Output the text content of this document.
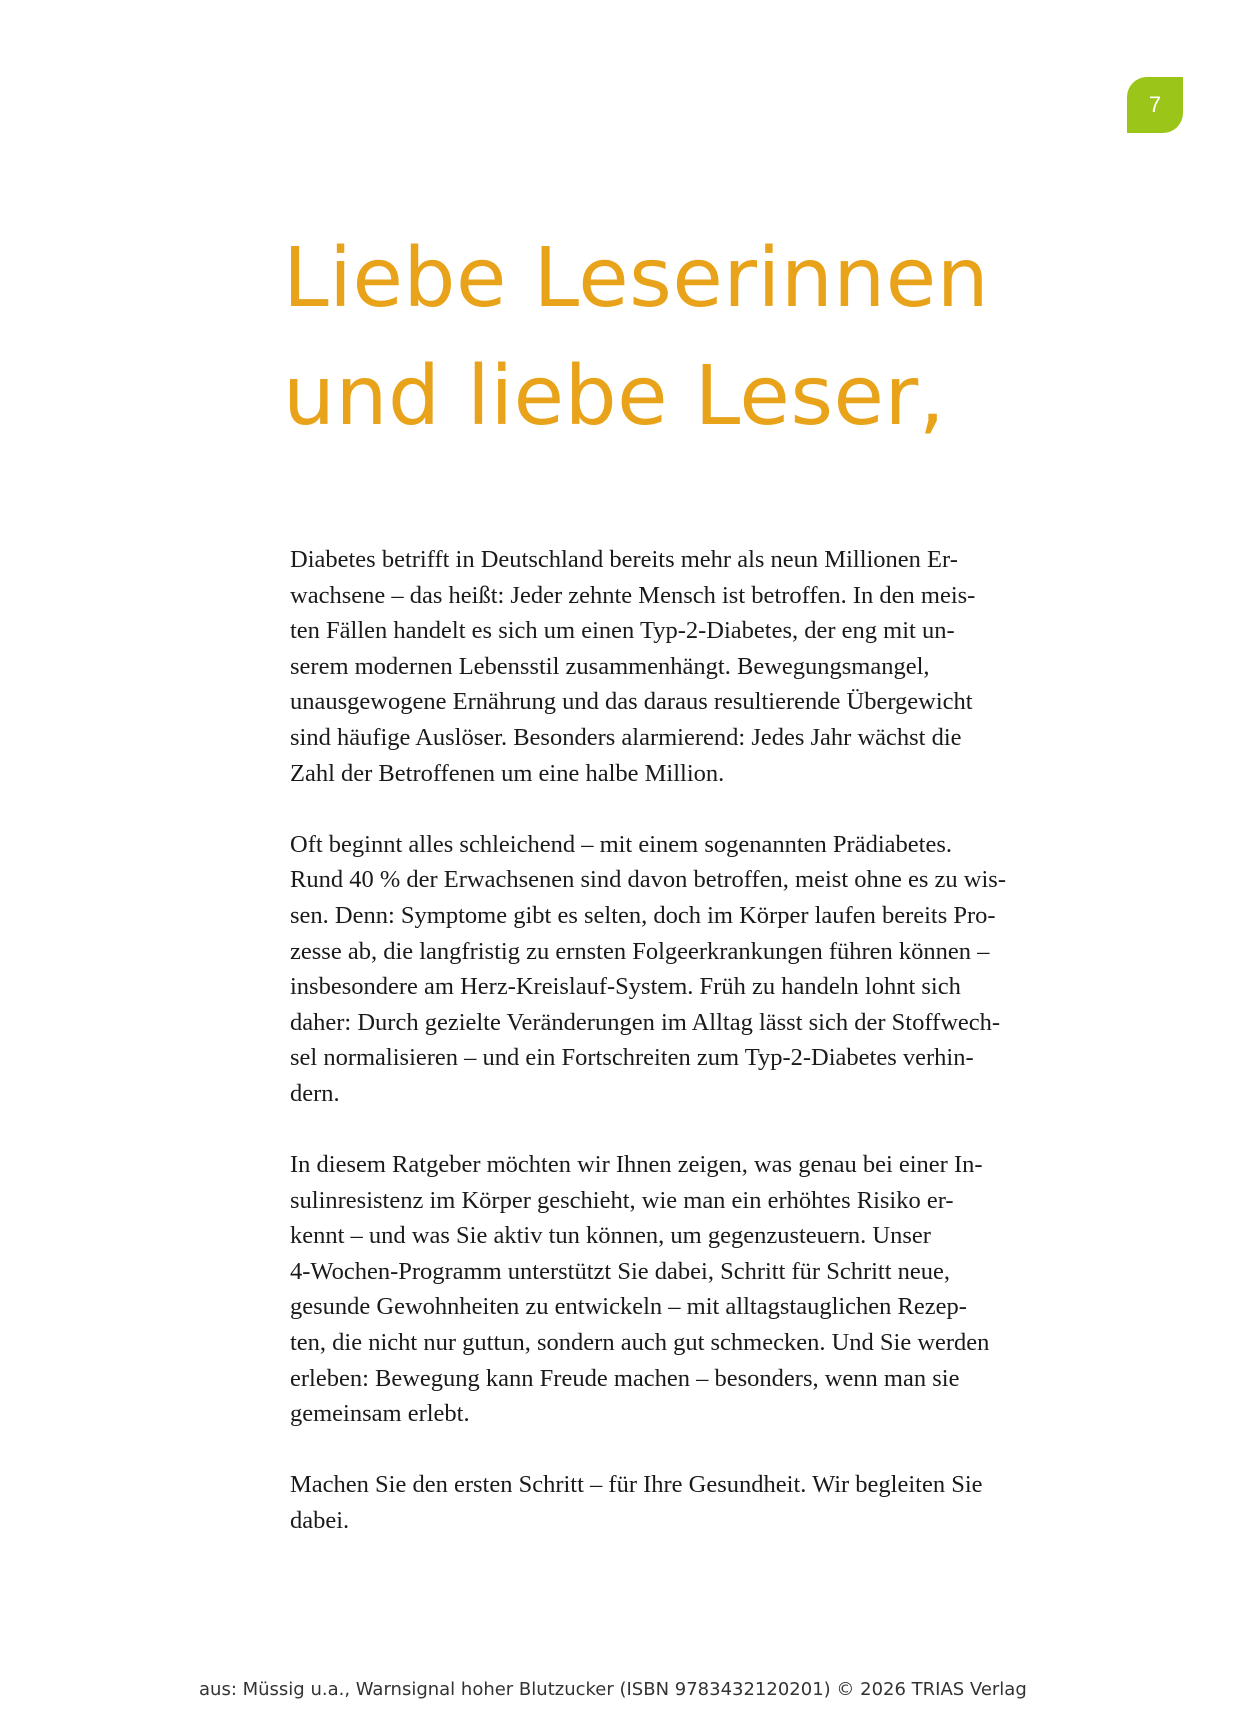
7
Liebe Leserinnen
und liebe Leser,

Diabetes betrifft in Deutschland bereits mehr als neun Millionen Er-
wachsene – das heißt: Jeder zehnte Mensch ist betroffen. In den meis-
ten Fällen handelt es sich um einen Typ-2-Diabetes, der eng mit un-
serem modernen Lebensstil zusammenhängt. Bewegungsmangel,
unausgewogene Ernährung und das daraus resultierende Übergewicht
sind häufige Auslöser. Besonders alarmierend: Jedes Jahr wächst die
Zahl der Betroffenen um eine halbe Million.

Oft beginnt alles schleichend – mit einem sogenannten Prädiabetes.
Rund 40 % der Erwachsenen sind davon betroffen, meist ohne es zu wis-
sen. Denn: Symptome gibt es selten, doch im Körper laufen bereits Pro-
zesse ab, die langfristig zu ernsten Folgeerkrankungen führen können –
insbesondere am Herz-Kreislauf-System. Früh zu handeln lohnt sich
daher: Durch gezielte Veränderungen im Alltag lässt sich der Stoffwech-
sel normalisieren – und ein Fortschreiten zum Typ-2-Diabetes verhin-
dern.

In diesem Ratgeber möchten wir Ihnen zeigen, was genau bei einer In-
sulinresistenz im Körper geschieht, wie man ein erhöhtes Risiko er-
kennt – und was Sie aktiv tun können, um gegenzusteuern. Unser
4-Wochen-Programm unterstützt Sie dabei, Schritt für Schritt neue,
gesunde Gewohnheiten zu entwickeln – mit alltagstauglichen Rezep-
ten, die nicht nur guttun, sondern auch gut schmecken. Und Sie werden
erleben: Bewegung kann Freude machen – besonders, wenn man sie
gemeinsam erlebt.

Machen Sie den ersten Schritt – für Ihre Gesundheit. Wir begleiten Sie
dabei.

aus: Müssig u.a., Warnsignal hoher Blutzucker (ISBN 9783432120201) © 2026 TRIAS Verlag
